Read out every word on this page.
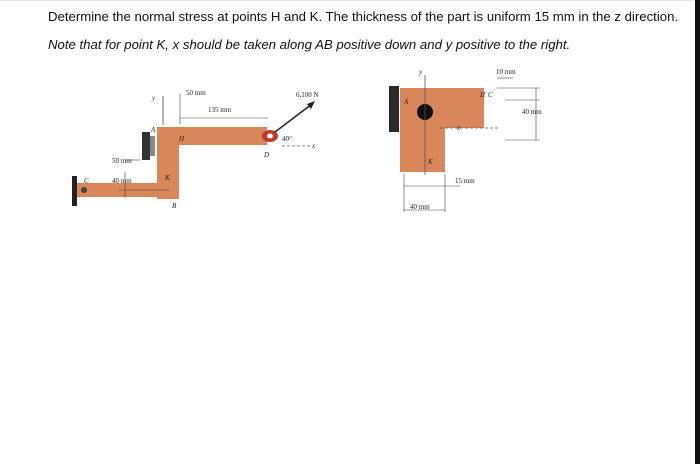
Determine the normal stress at points H and K. The thickness of the part is uniform 15 mm in the z direction.
Note that for point K, x should be taken along AB positive down and y positive to the right.
50 mm
135 mm
6,100 N
40°
50 mm
40 mm
A
B
C
D
H
K
x
y
10 mm
40 mm
15 mm
40 mm
A
H C
K
x
y
